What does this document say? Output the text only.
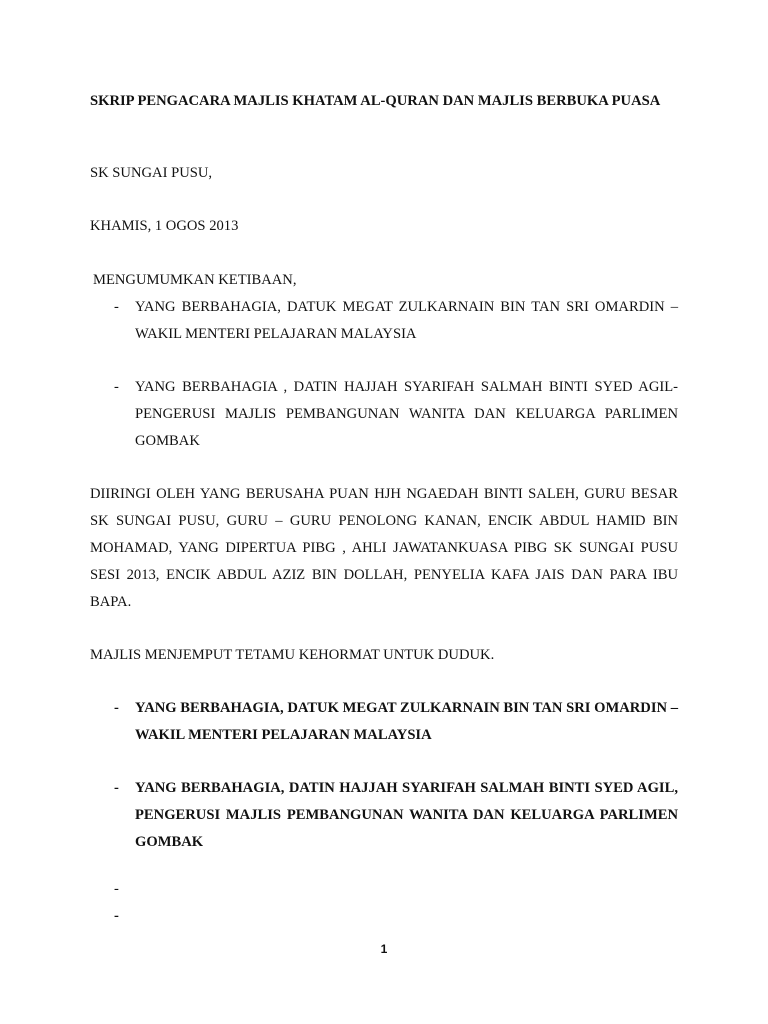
SKRIP PENGACARA MAJLIS KHATAM AL-QURAN DAN MAJLIS BERBUKA PUASA
SK SUNGAI PUSU,
KHAMIS, 1 OGOS 2013
MENGUMUMKAN KETIBAAN,
-	YANG BERBAHAGIA, DATUK MEGAT ZULKARNAIN BIN TAN SRI OMARDIN – WAKIL MENTERI PELAJARAN MALAYSIA
-	YANG BERBAHAGIA , DATIN HAJJAH SYARIFAH SALMAH BINTI SYED AGIL- PENGERUSI MAJLIS PEMBANGUNAN WANITA DAN KELUARGA PARLIMEN GOMBAK
DIIRINGI OLEH YANG BERUSAHA PUAN HJH NGAEDAH BINTI SALEH, GURU BESAR SK SUNGAI PUSU, GURU – GURU PENOLONG KANAN, ENCIK ABDUL HAMID BIN MOHAMAD, YANG DIPERTUA PIBG , AHLI JAWATANKUASA PIBG SK SUNGAI PUSU SESI 2013, ENCIK ABDUL AZIZ BIN DOLLAH, PENYELIA KAFA JAIS DAN PARA IBU BAPA.
MAJLIS MENJEMPUT TETAMU KEHORMAT UNTUK DUDUK.
-	YANG BERBAHAGIA, DATUK MEGAT ZULKARNAIN BIN TAN SRI OMARDIN – WAKIL MENTERI PELAJARAN MALAYSIA
-	YANG BERBAHAGIA, DATIN HAJJAH SYARIFAH SALMAH BINTI SYED AGIL, PENGERUSI MAJLIS PEMBANGUNAN WANITA DAN KELUARGA PARLIMEN GOMBAK
-
-
1
